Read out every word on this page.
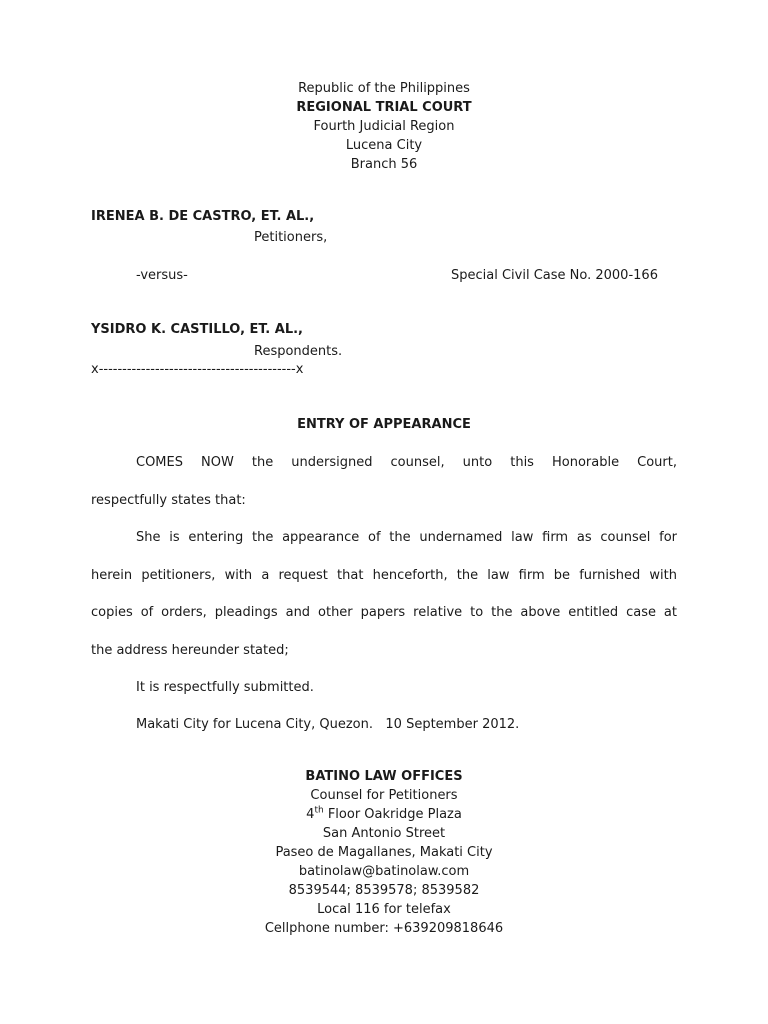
Republic of the Philippines
REGIONAL TRIAL COURT
Fourth Judicial Region
Lucena City
Branch 56
IRENEA B. DE CASTRO, ET. AL.,
Petitioners,
-versus-	Special Civil Case No. 2000-166
YSIDRO K. CASTILLO, ET. AL.,
Respondents.
x------------------------------------------x
ENTRY OF APPEARANCE
COMES NOW the undersigned counsel, unto this Honorable Court,
respectfully states that:
She is entering the appearance of the undernamed law firm as counsel for
herein petitioners, with a request that henceforth, the law firm be furnished with
copies of orders, pleadings and other papers relative to the above entitled case at
the address hereunder stated;
It is respectfully submitted.
Makati City for Lucena City, Quezon.   10 September 2012.
BATINO LAW OFFICES
Counsel for Petitioners
4th Floor Oakridge Plaza
San Antonio Street
Paseo de Magallanes, Makati City
batinolaw@batinolaw.com
8539544; 8539578; 8539582
Local 116 for telefax
Cellphone number: +639209818646
